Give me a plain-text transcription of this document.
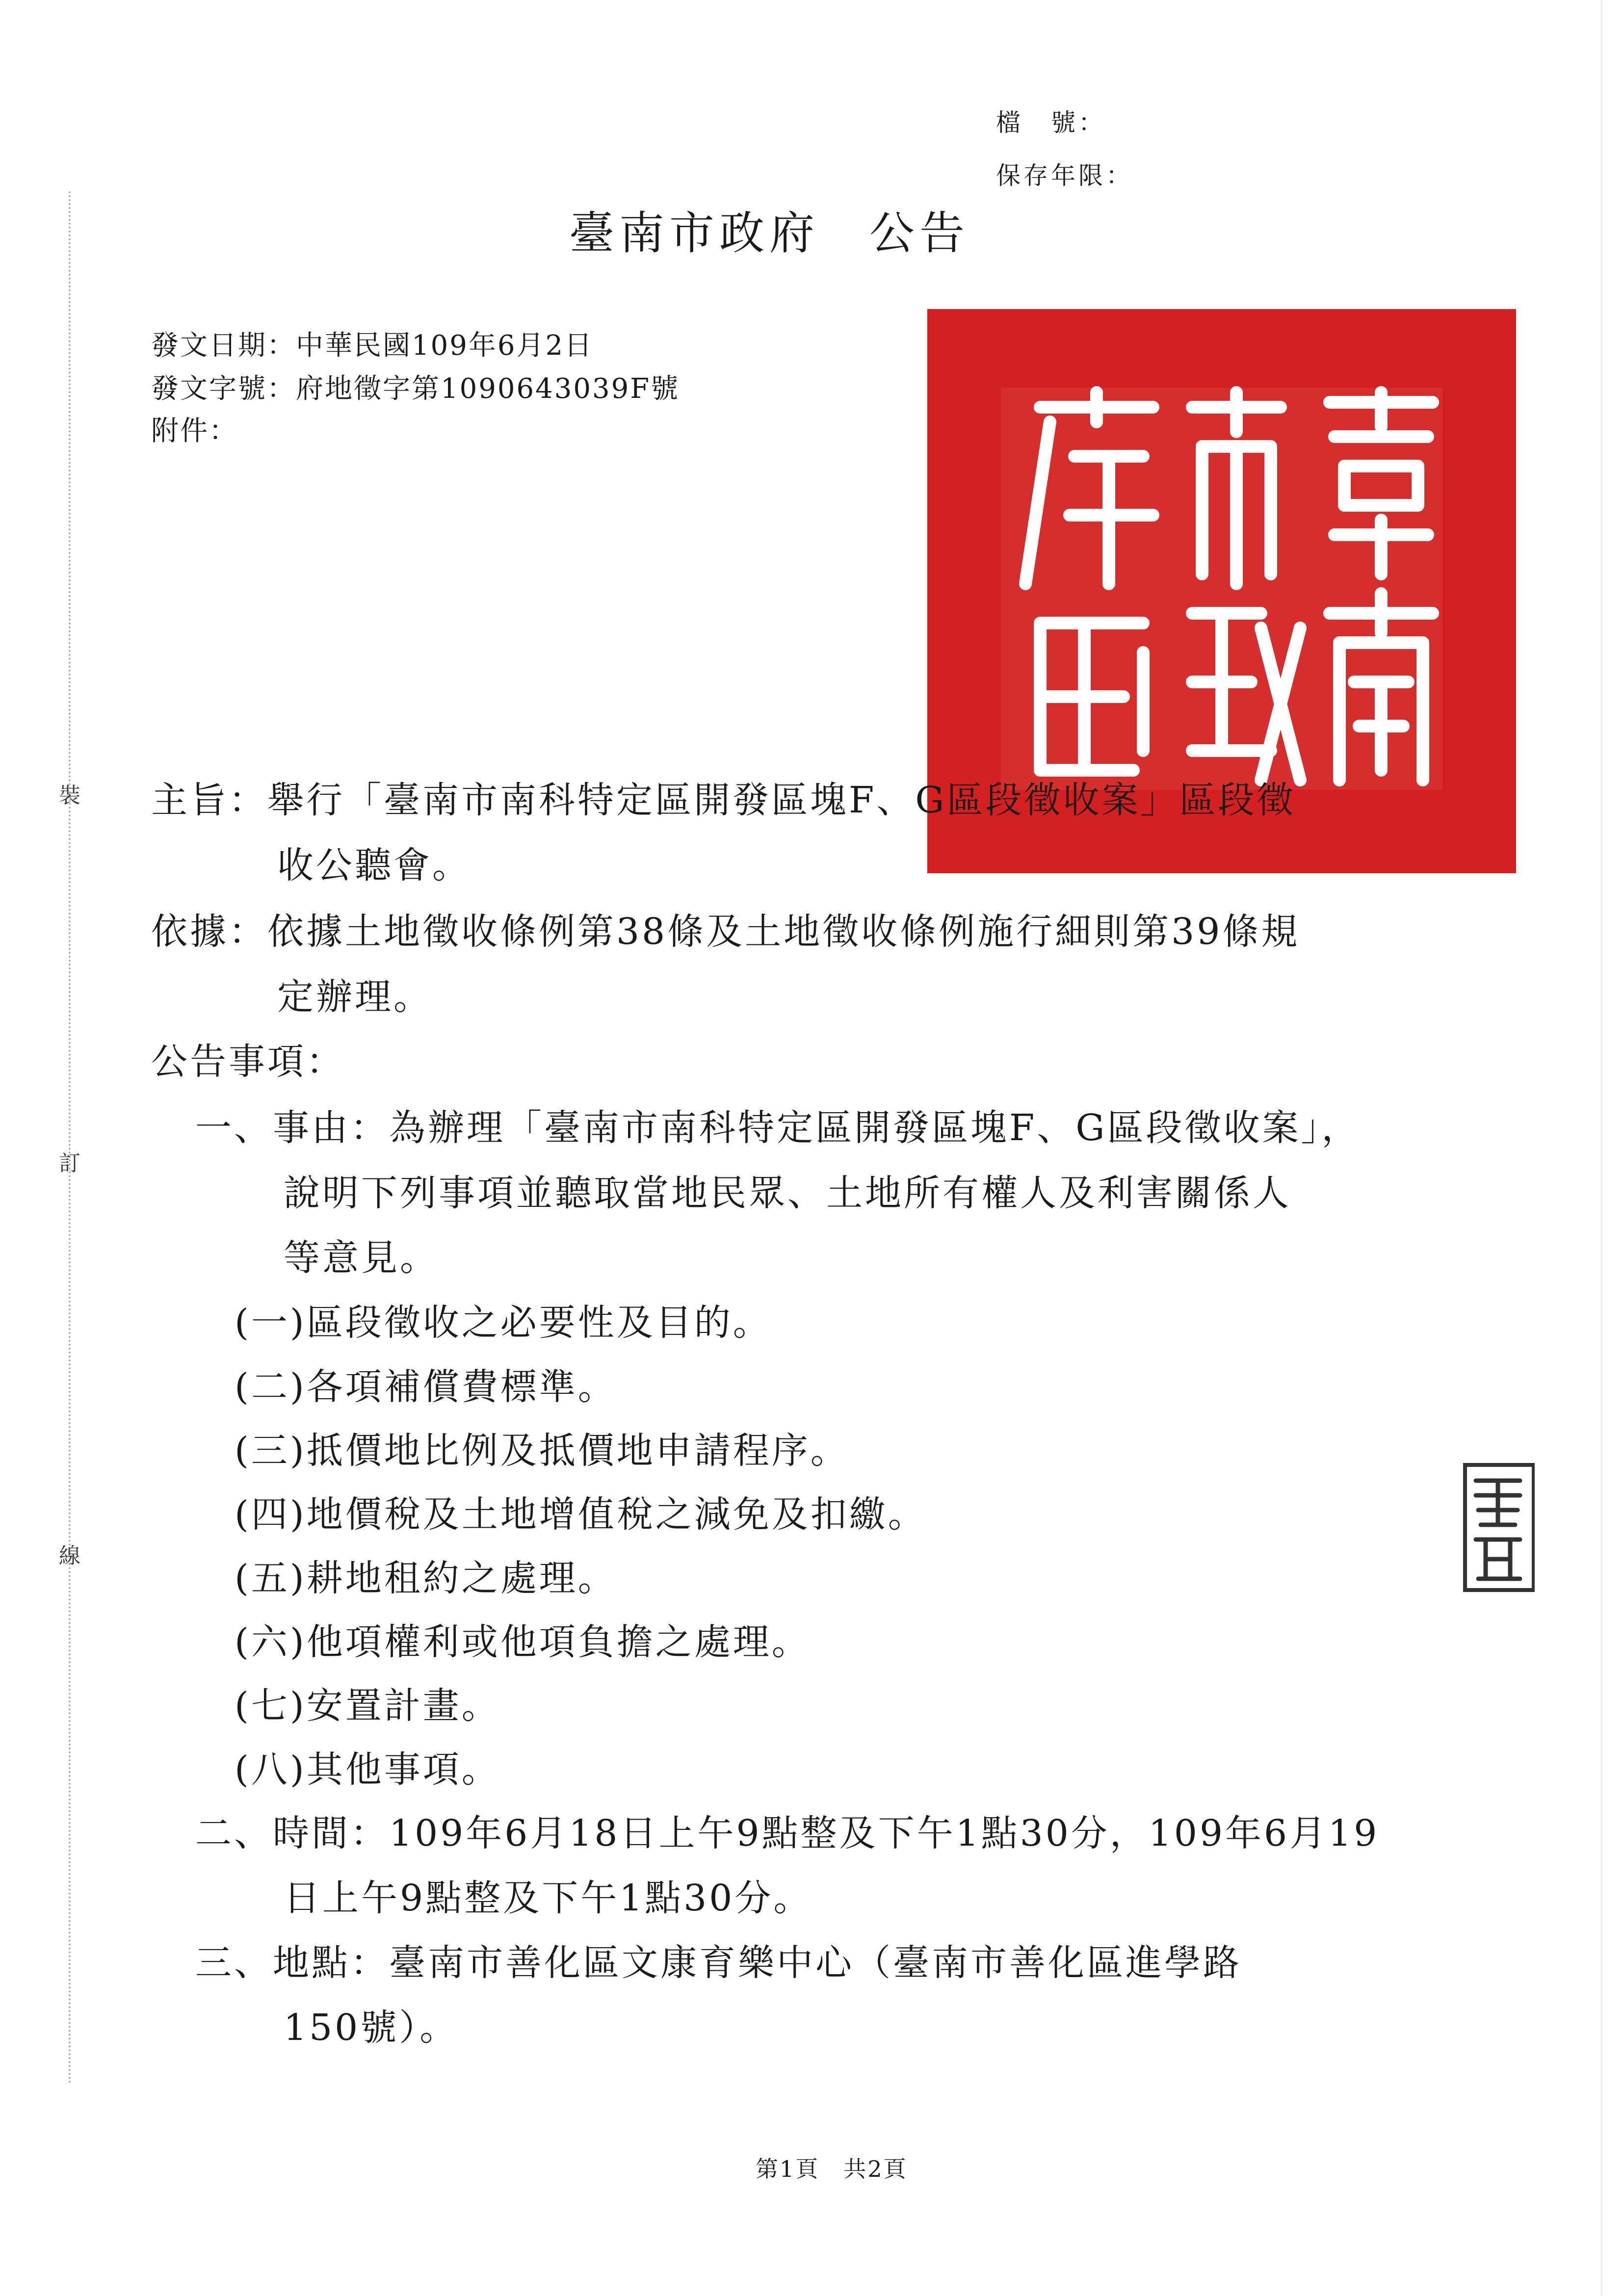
裝
訂
線
檔　號：
保存年限：
臺南市政府　公告
發文日期：中華民國109年6月2日
發文字號：府地徵字第1090643039F號
附件：
主旨：舉行「臺南市南科特定區開發區塊F、G區段徵收案」區段徵
收公聽會。
依據：依據土地徵收條例第38條及土地徵收條例施行細則第39條規
定辦理。
公告事項：
一、事由：為辦理「臺南市南科特定區開發區塊F、G區段徵收案」，
說明下列事項並聽取當地民眾、土地所有權人及利害關係人
等意見。
(一)區段徵收之必要性及目的。
(二)各項補償費標準。
(三)抵價地比例及抵價地申請程序。
(四)地價稅及土地增值稅之減免及扣繳。
(五)耕地租約之處理。
(六)他項權利或他項負擔之處理。
(七)安置計畫。
(八)其他事項。
二、時間：109年6月18日上午9點整及下午1點30分，109年6月19
日上午9點整及下午1點30分。
三、地點：臺南市善化區文康育樂中心（臺南市善化區進學路
150號）。
第1頁　共2頁
